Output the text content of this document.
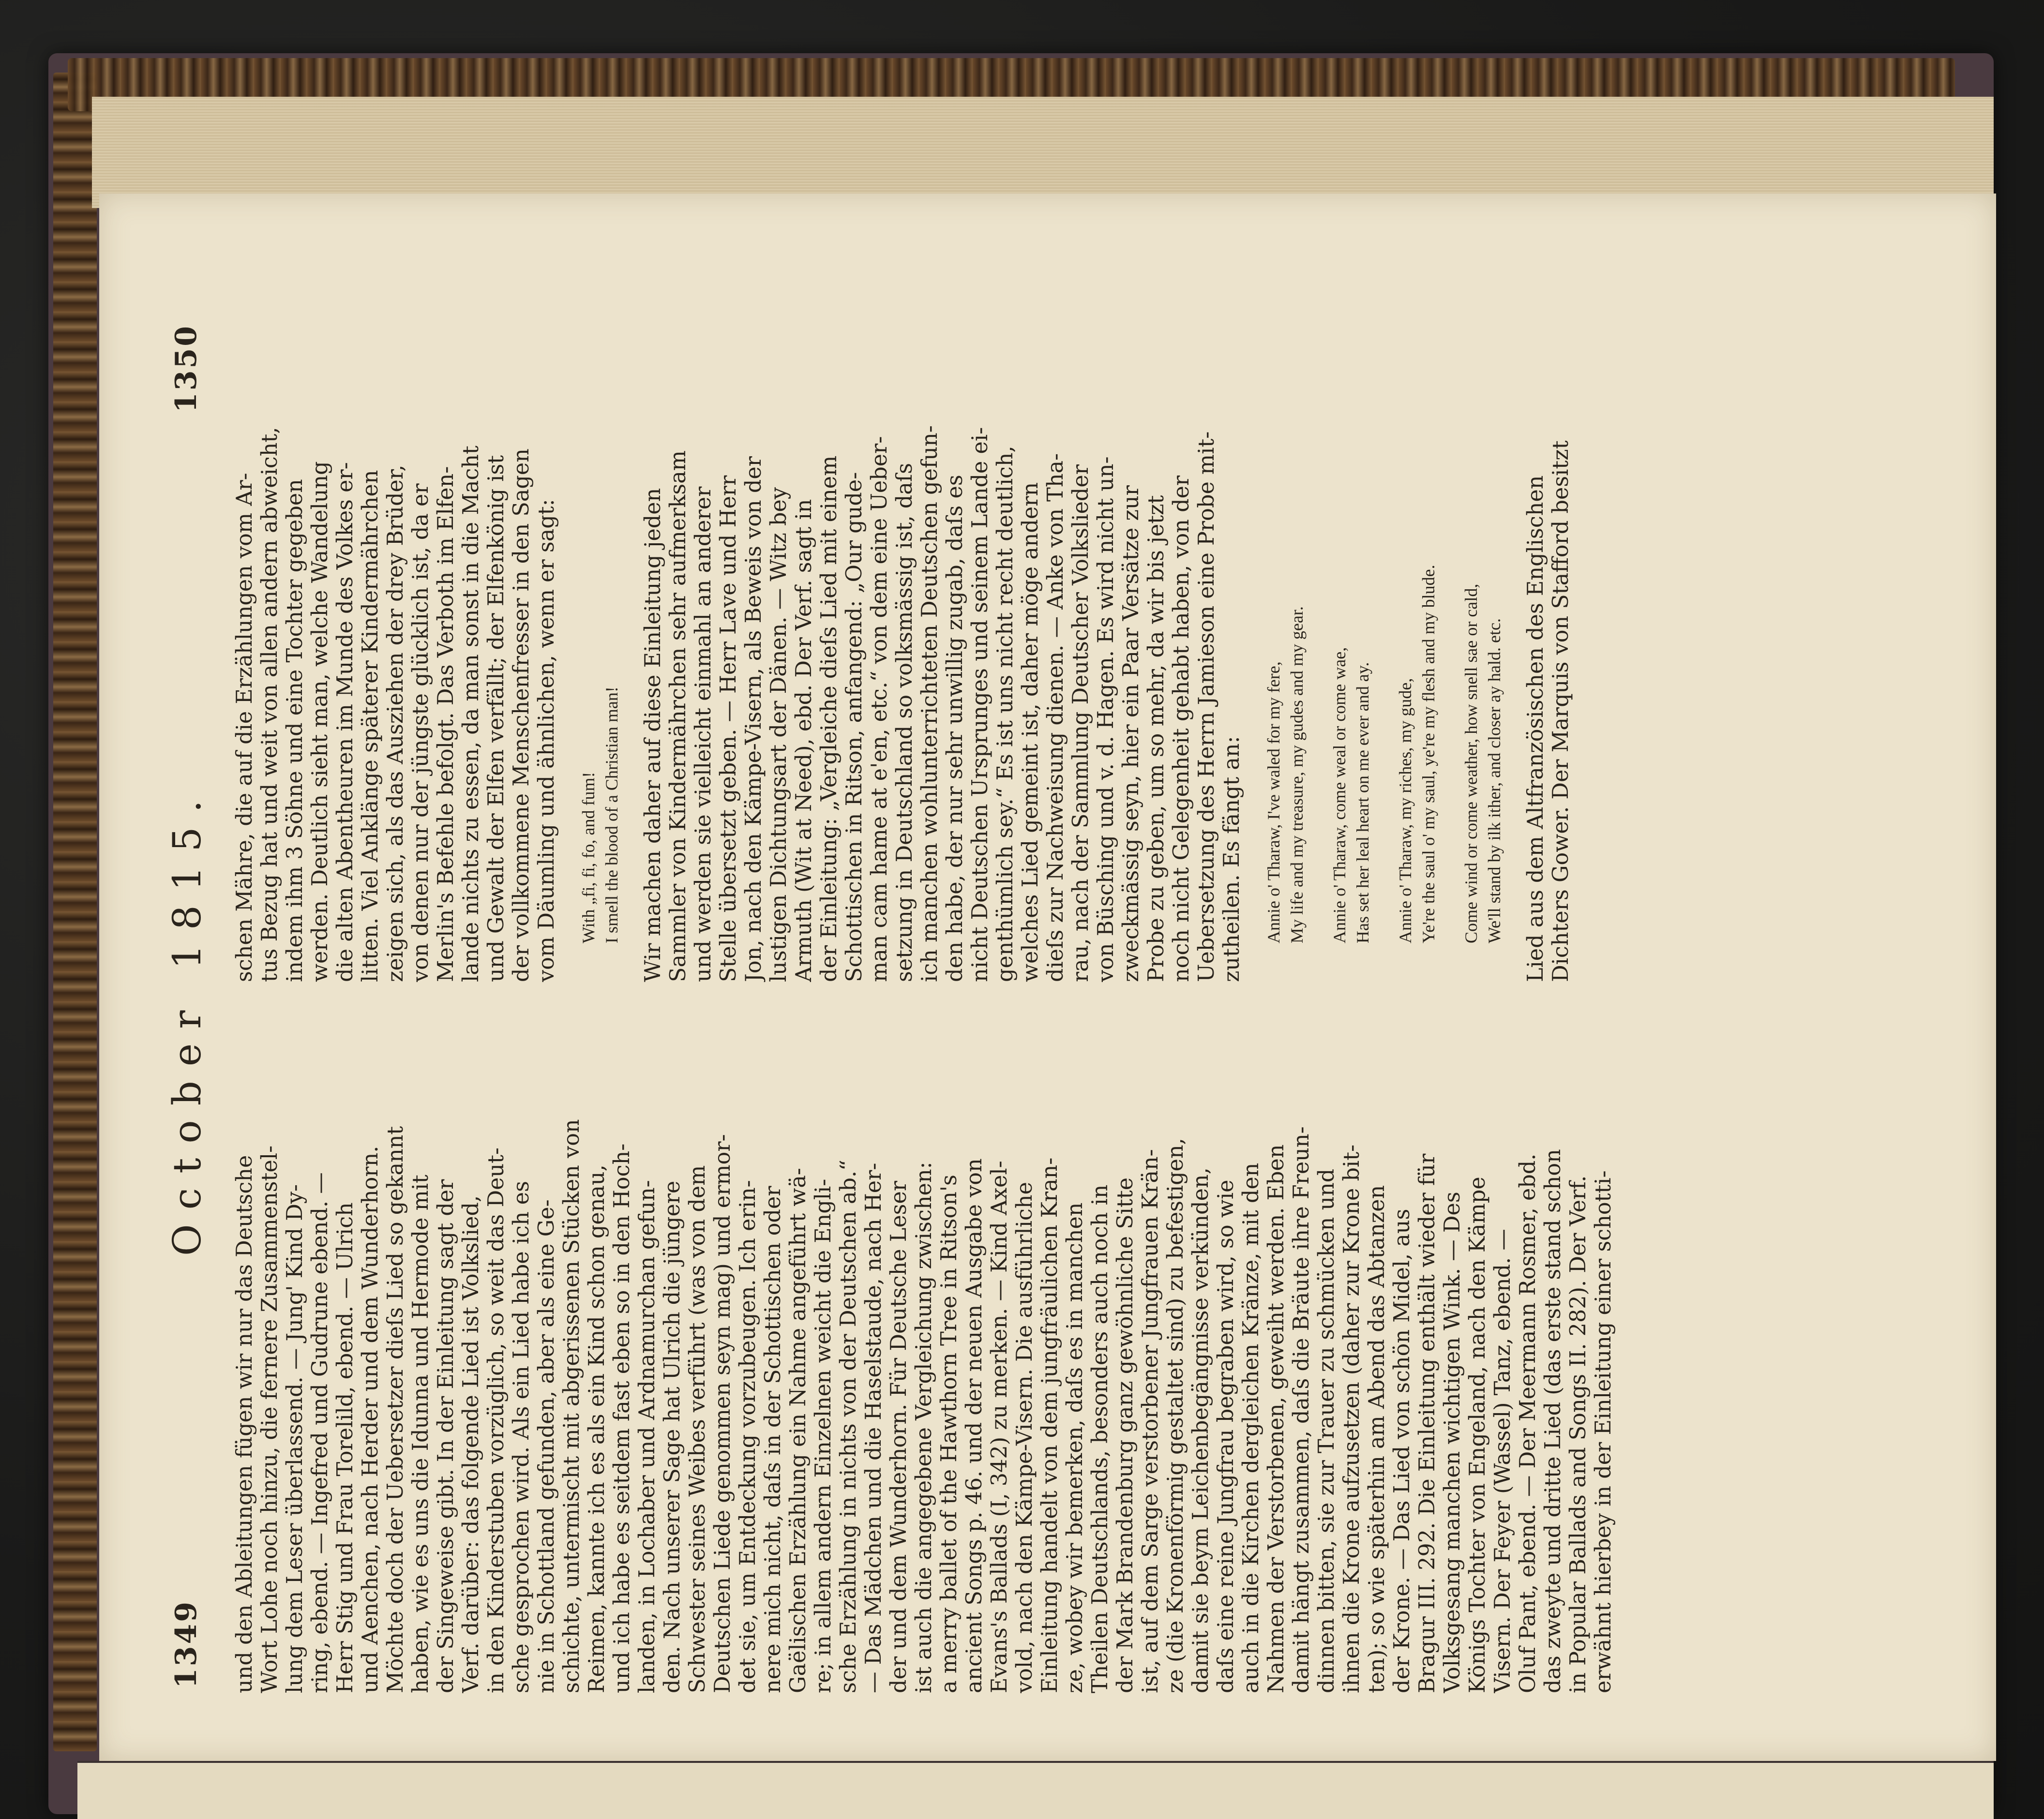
1349
October 1815.
1350
und den Ableitungen fügen wir nur das Deutsche Wort Lohe noch hinzu, die fernere Zusammenstel- lung dem Leser überlassend. — Jung' Kind Dy- ring, ebend. — Ingefred und Gudrune ebend. — Herr Stig und Frau Torelild, ebend. — Ulrich und Aenchen, nach Herder und dem Wunderhorn. Möchte doch der Uebersetzer dieſs Lied so gekannt haben, wie es uns die Idunna und Hermode mit der Singeweise gibt. In der Einleitung sagt der Verf. darüber: das folgende Lied ist Volkslied, in den Kinderstuben vorzüglich, so weit das Deut- sche gesprochen wird. Als ein Lied habe ich es nie in Schottland gefunden, aber als eine Ge- schichte, untermischt mit abgerissenen Stücken von Reimen, kannte ich es als ein Kind schon genau, und ich habe es seitdem fast eben so in den Hoch- landen, in Lochaber und Ardnamurchan gefun- den. Nach unserer Sage hat Ulrich die jüngere Schwester seines Weibes verführt (was von dem Deutschen Liede genommen seyn mag) und ermor- det sie, um Entdeckung vorzubeugen. Ich erin- nere mich nicht, daſs in der Schottischen oder Gaëlischen Erzählung ein Nahme angeführt wä- re; in allem andern Einzelnen weicht die Engli- sche Erzählung in nichts von der Deutschen ab.“ — Das Mädchen und die Haselstaude, nach Her- der und dem Wunderhorn. Für Deutsche Leser ist auch die angegebene Vergleichung zwischen: a merry ballet of the Hawthorn Tree in Ritson's ancient Songs p. 46. und der neuen Ausgabe von Evans's Ballads (I, 342) zu merken. — Kind Axel- vold, nach den Kämpe-Visern. Die ausführliche Einleitung handelt von dem jungfräulichen Kran- ze, wobey wir bemerken, daſs es in manchen Theilen Deutschlands, besonders auch noch in der Mark Brandenburg ganz gewöhnliche Sitte ist, auf dem Sarge verstorbener Jungfrauen Krän- ze (die Kronenförmig gestaltet sind) zu befestigen, damit sie beym Leichenbegängnisse verkünden, daſs eine reine Jungfrau begraben wird, so wie auch in die Kirchen dergleichen Kränze, mit den Nahmen der Verstorbenen, geweiht werden. Eben damit hängt zusammen, daſs die Bräute ihre Freun- dinnen bitten, sie zur Trauer zu schmücken und ihnen die Krone aufzusetzen (daher zur Krone bit- ten); so wie späterhin am Abend das Abtanzen der Krone. — Das Lied von schön Midel, aus Bragur III. 292. Die Einleitung enthält wieder für Volksgesang manchen wichtigen Wink. — Des Königs Tochter von Engeland, nach den Kämpe Visern. Der Feyer (Wassel) Tanz, ebend. — Oluf Pant, ebend. — Der Meermann Rosmer, ebd. das zweyte und dritte Lied (das erste stand schon in Popular Ballads and Songs II. 282). Der Verf. erwähnt hierbey in der Einleitung einer schotti-
schen Mähre, die auf die Erzählungen vom Ar- tus Bezug hat und weit von allen andern abweicht, indem ihm 3 Söhne und eine Tochter gegeben werden. Deutlich sieht man, welche Wandelung die alten Abentheuren im Munde des Volkes er- litten. Viel Anklänge späterer Kindermährchen zeigen sich, als das Ausziehen der drey Brüder, von denen nur der jüngste glücklich ist, da er Merlin's Befehle befolgt. Das Verboth im Elfen- lande nichts zu essen, da man sonst in die Macht und Gewalt der Elfen verfällt; der Elfenkönig ist der vollkommene Menschenfresser in den Sagen vom Däumling und ähnlichen, wenn er sagt: With „fi, fi, fo, and fum! I smell the blood of a Christian man! Wir machen daher auf diese Einleitung jeden Sammler von Kindermährchen sehr aufmerksam und werden sie vielleicht einmahl an anderer Stelle übersetzt geben. — Herr Lave und Herr Jon, nach den Kämpe-Visern, als Beweis von der lustigen Dichtungsart der Dänen. — Witz bey Armuth (Wit at Need), ebd. Der Verf. sagt in der Einleitung: „Vergleiche dieſs Lied mit einem Schottischen in Ritson, anfangend: „Our gude- man cam hame at e'en, etc.“ von dem eine Ueber- setzung in Deutschland so volksmässig ist, daſs ich manchen wohlunterrichteten Deutschen gefun- den habe, der nur sehr unwillig zugab, daſs es nicht Deutschen Ursprunges und seinem Lande ei- genthümlich sey.“ Es ist uns nicht recht deutlich, welches Lied gemeint ist, daher möge andern dieſs zur Nachweisung dienen. — Anke von Tha- rau, nach der Sammlung Deutscher Volkslieder von Büsching und v. d. Hagen. Es wird nicht un- zweckmässig seyn, hier ein Paar Versätze zur Probe zu geben, um so mehr, da wir bis jetzt noch nicht Gelegenheit gehabt haben, von der Uebersetzung des Herrn Jamieson eine Probe mit- zutheilen. Es fängt an: Annie o' Tharaw, I've waled for my fere, My life and my treasure, my gudes and my gear. Annie o' Tharaw, come weal or come wae, Has set her leal heart on me ever and ay. Annie o' Tharaw, my riches, my gude, Ye're the saul o' my saul, ye're my flesh and my blude. Come wind or come weather, how snell sae or cald, We'll stand by ilk ither, and closer ay hald. etc. Lied aus dem Altfranzösischen des Englischen Dichters Gower. Der Marquis von Stafford besitzt
